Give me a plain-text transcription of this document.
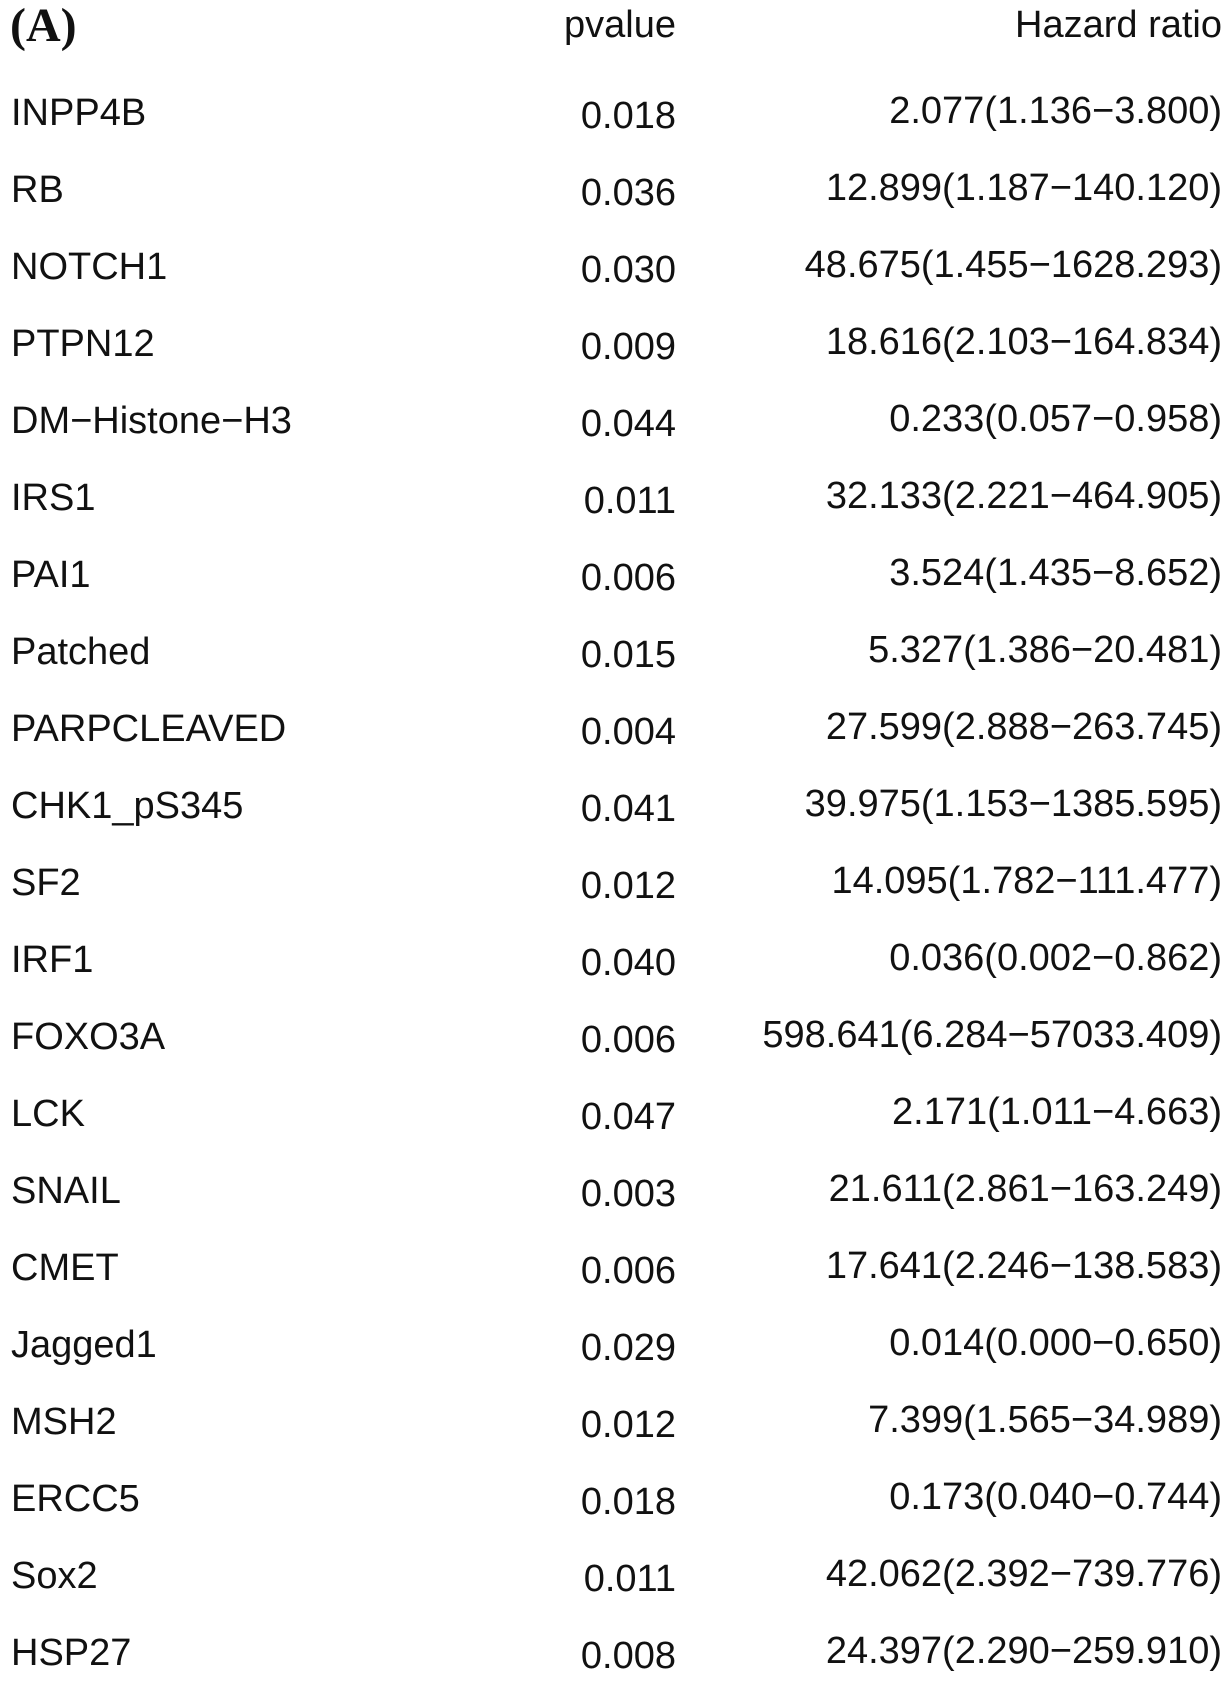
(A)	pvalue	Hazard ratio
INPP4B	0.018	2.077(1.136−3.800)
RB	0.036	12.899(1.187−140.120)
NOTCH1	0.030	48.675(1.455−1628.293)
PTPN12	0.009	18.616(2.103−164.834)
DM−Histone−H3	0.044	0.233(0.057−0.958)
IRS1	0.011	32.133(2.221−464.905)
PAI1	0.006	3.524(1.435−8.652)
Patched	0.015	5.327(1.386−20.481)
PARPCLEAVED	0.004	27.599(2.888−263.745)
CHK1_pS345	0.041	39.975(1.153−1385.595)
SF2	0.012	14.095(1.782−111.477)
IRF1	0.040	0.036(0.002−0.862)
FOXO3A	0.006 598.641(6.284−57033.409)
LCK	0.047	2.171(1.011−4.663)
SNAIL	0.003	21.611(2.861−163.249)
CMET	0.006	17.641(2.246−138.583)
Jagged1	0.029	0.014(0.000−0.650)
MSH2	0.012	7.399(1.565−34.989)
ERCC5	0.018	0.173(0.040−0.744)
Sox2	0.011	42.062(2.392−739.776)
HSP27	0.008	24.397(2.290−259.910)
